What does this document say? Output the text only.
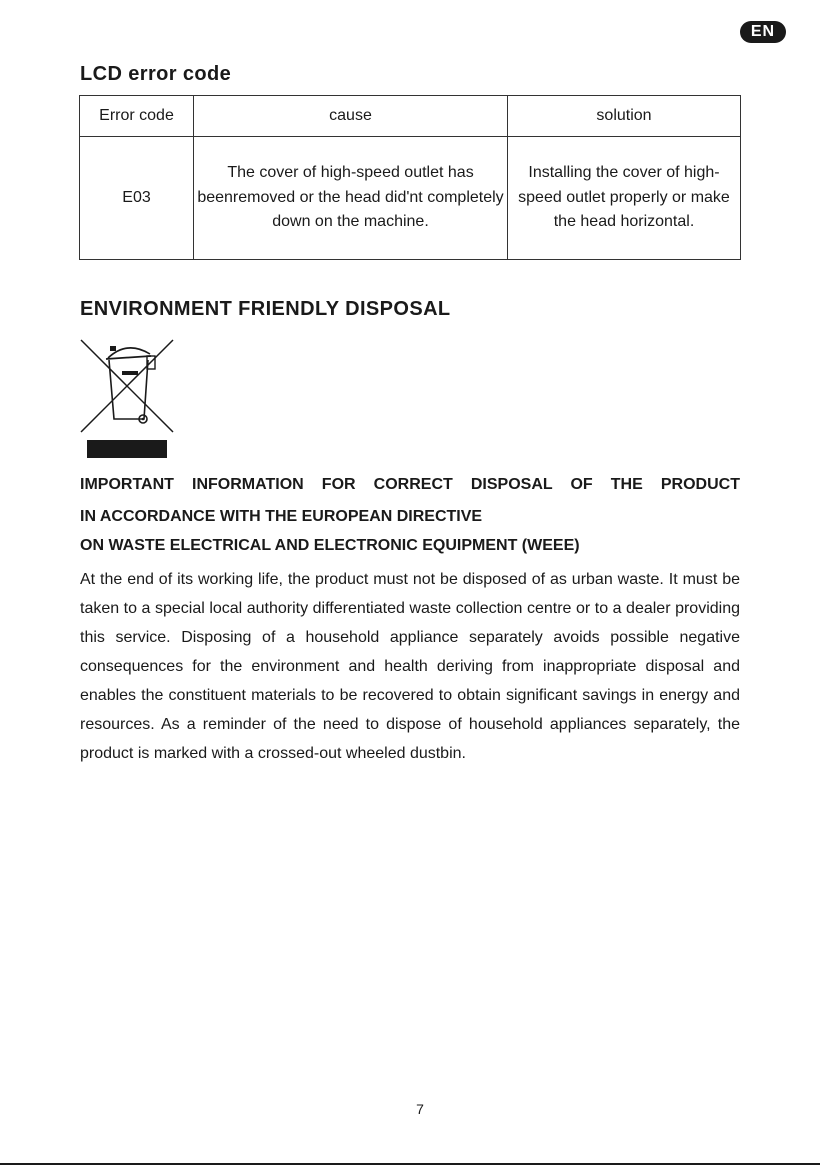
EN
LCD error code
Error code	cause	solution
E03	The cover of high-speed outlet has beenremoved or the head did'nt completely down on the machine.	Installing the cover of high-speed outlet properly or make the head horizontal.
ENVIRONMENT FRIENDLY DISPOSAL

IMPORTANT INFORMATION FOR CORRECT DISPOSAL OF THE PRODUCT

IN ACCORDANCE WITH THE EUROPEAN DIRECTIVE

ON WASTE ELECTRICAL AND ELECTRONIC EQUIPMENT (WEEE)

At the end of its working life, the product must not be disposed of as urban waste. It must be taken to a special local authority differentiated waste collection centre or to a dealer providing this service. Disposing of a household appliance separately avoids possible negative consequences for the environment and health deriving from inappropriate disposal and enables the constituent materials to be recovered to obtain significant savings in energy and resources. As a reminder of the need to dispose of household appliances separately, the product is marked with a crossed-out wheeled dustbin.

7
